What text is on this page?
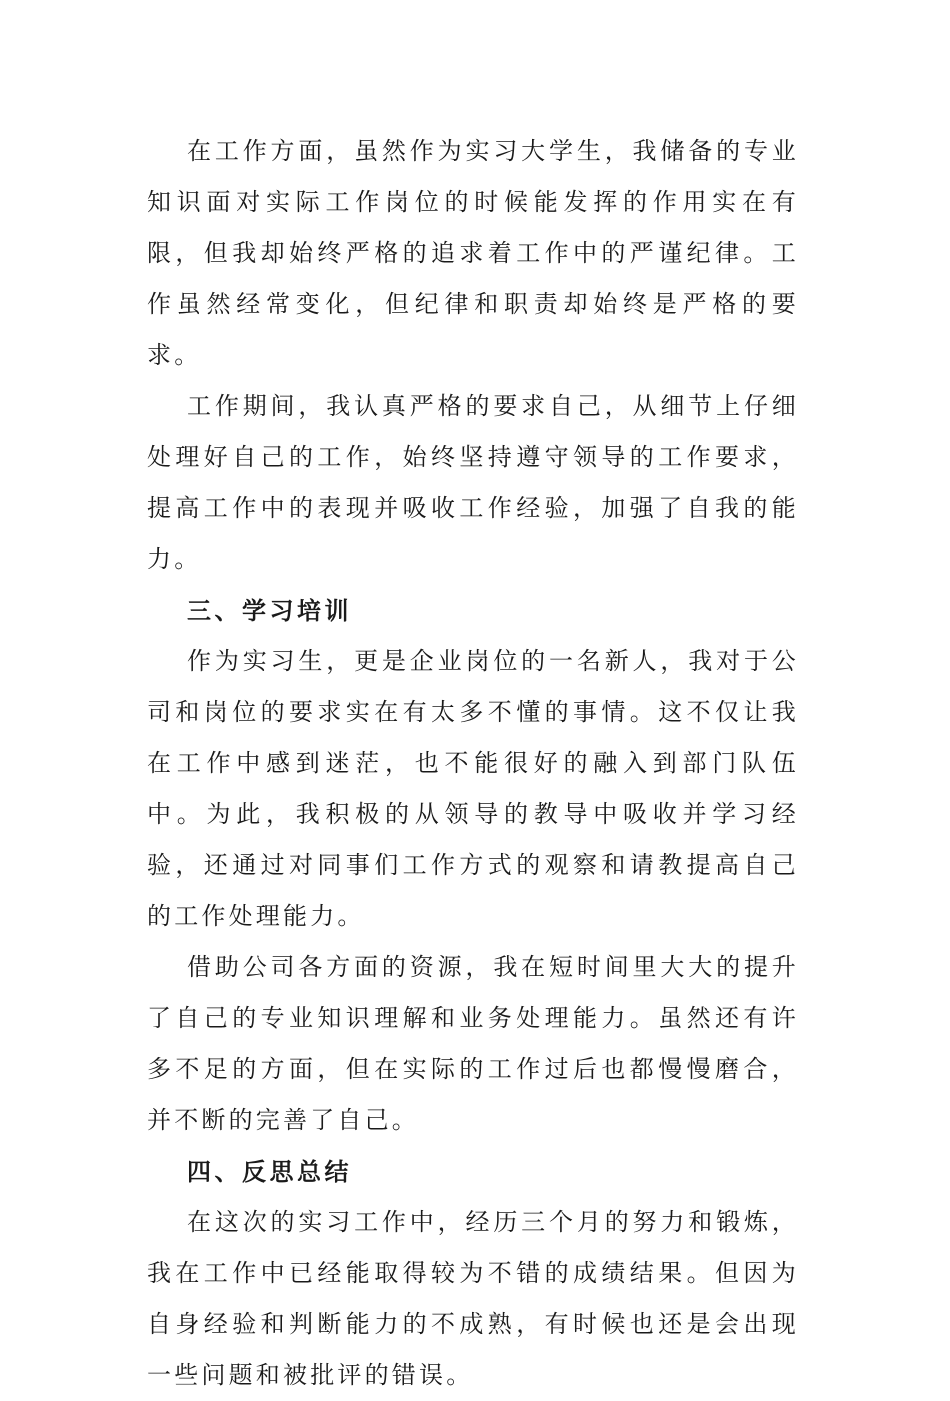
在工作方面，虽然作为实习大学生，我储备的专业知识面对实际工作岗位的时候能发挥的作用实在有限，但我却始终严格的追求着工作中的严谨纪律。工作虽然经常变化，但纪律和职责却始终是严格的要求。

工作期间，我认真严格的要求自己，从细节上仔细处理好自己的工作，始终坚持遵守领导的工作要求，提高工作中的表现并吸收工作经验，加强了自我的能力。

三、学习培训

作为实习生，更是企业岗位的一名新人，我对于公司和岗位的要求实在有太多不懂的事情。这不仅让我在工作中感到迷茫，也不能很好的融入到部门队伍中。为此，我积极的从领导的教导中吸收并学习经验，还通过对同事们工作方式的观察和请教提高自己的工作处理能力。

借助公司各方面的资源，我在短时间里大大的提升了自己的专业知识理解和业务处理能力。虽然还有许多不足的方面，但在实际的工作过后也都慢慢磨合，并不断的完善了自己。

四、反思总结

在这次的实习工作中，经历三个月的努力和锻炼，我在工作中已经能取得较为不错的成绩结果。但因为自身经验和判断能力的不成熟，有时候也还是会出现一些问题和被批评的错误。
